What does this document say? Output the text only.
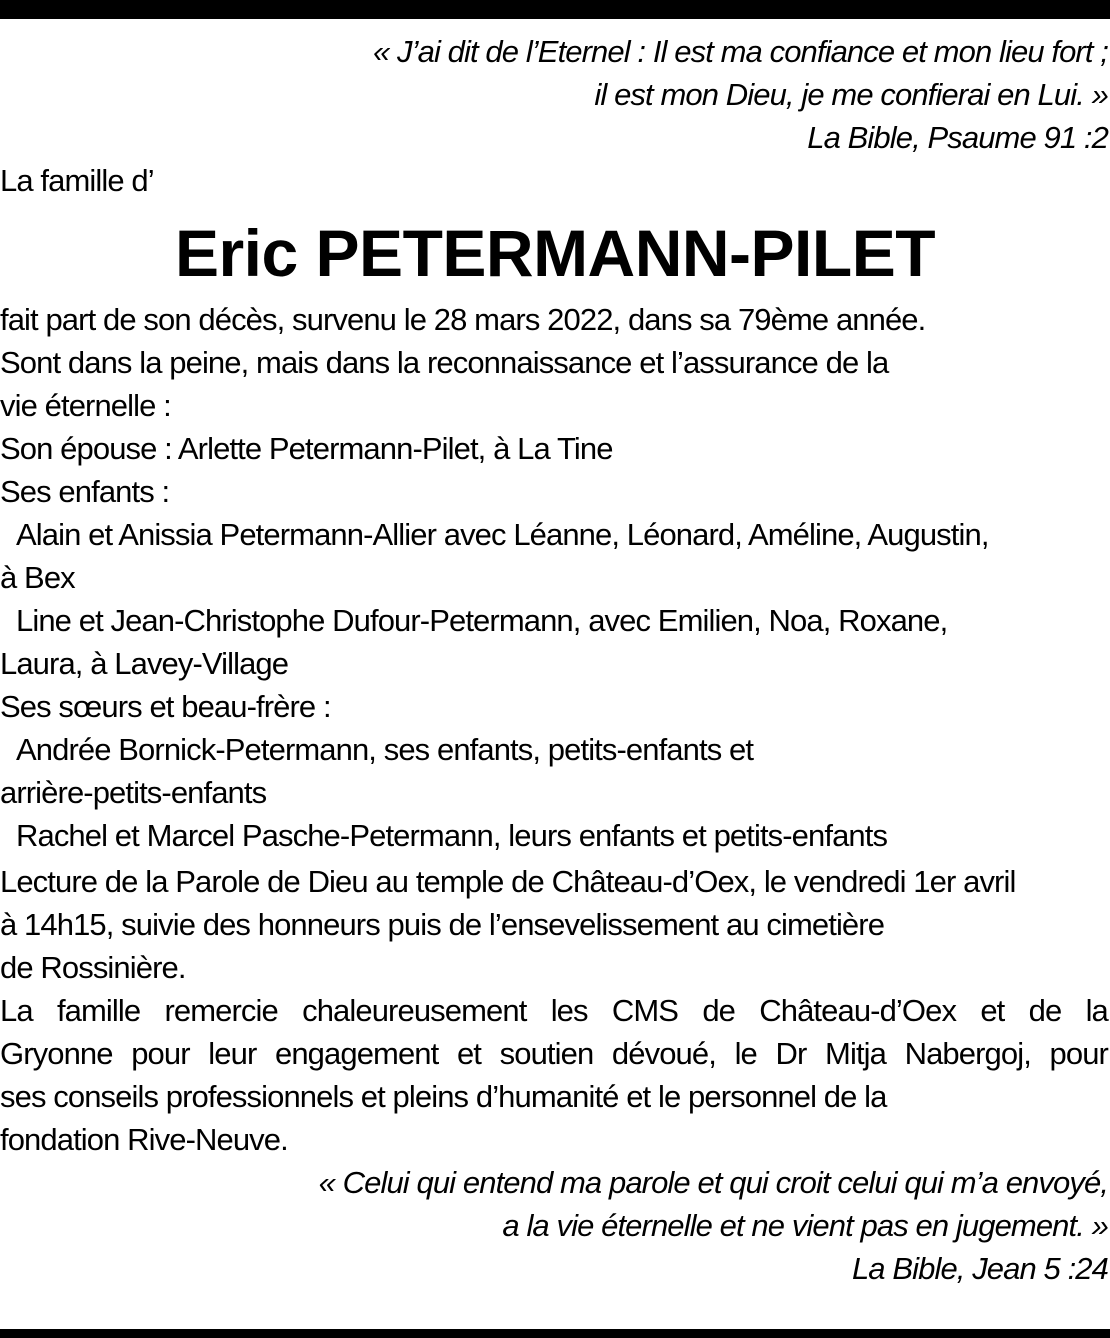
« J’ai dit de l’Eternel : Il est ma confiance et mon lieu fort ;
il est mon Dieu, je me confierai en Lui. »
La Bible, Psaume 91 :2
La famille d’
Eric PETERMANN-PILET
fait part de son décès, survenu le 28 mars 2022, dans sa 79ème année.
Sont dans la peine, mais dans la reconnaissance et l’assurance de la
vie éternelle :
Son épouse : Arlette Petermann-Pilet, à La Tine
Ses enfants :
Alain et Anissia Petermann-Allier avec Léanne, Léonard, Améline, Augustin,
à Bex
Line et Jean-Christophe Dufour-Petermann, avec Emilien, Noa, Roxane,
Laura, à Lavey-Village
Ses sœurs et beau-frère :
Andrée Bornick-Petermann, ses enfants, petits-enfants et
arrière-petits-enfants
Rachel et Marcel Pasche-Petermann, leurs enfants et petits-enfants
Lecture de la Parole de Dieu au temple de Château-d’Oex, le vendredi 1er avril
à 14h15, suivie des honneurs puis de l’ensevelissement au cimetière
de Rossinière.
La famille remercie chaleureusement les CMS de Château-d’Oex et de la
Gryonne pour leur engagement et soutien dévoué, le Dr Mitja Nabergoj, pour
ses conseils professionnels et pleins d’humanité et le personnel de la
fondation Rive-Neuve.
« Celui qui entend ma parole et qui croit celui qui m’a envoyé,
a la vie éternelle et ne vient pas en jugement. »
La Bible, Jean 5 :24
